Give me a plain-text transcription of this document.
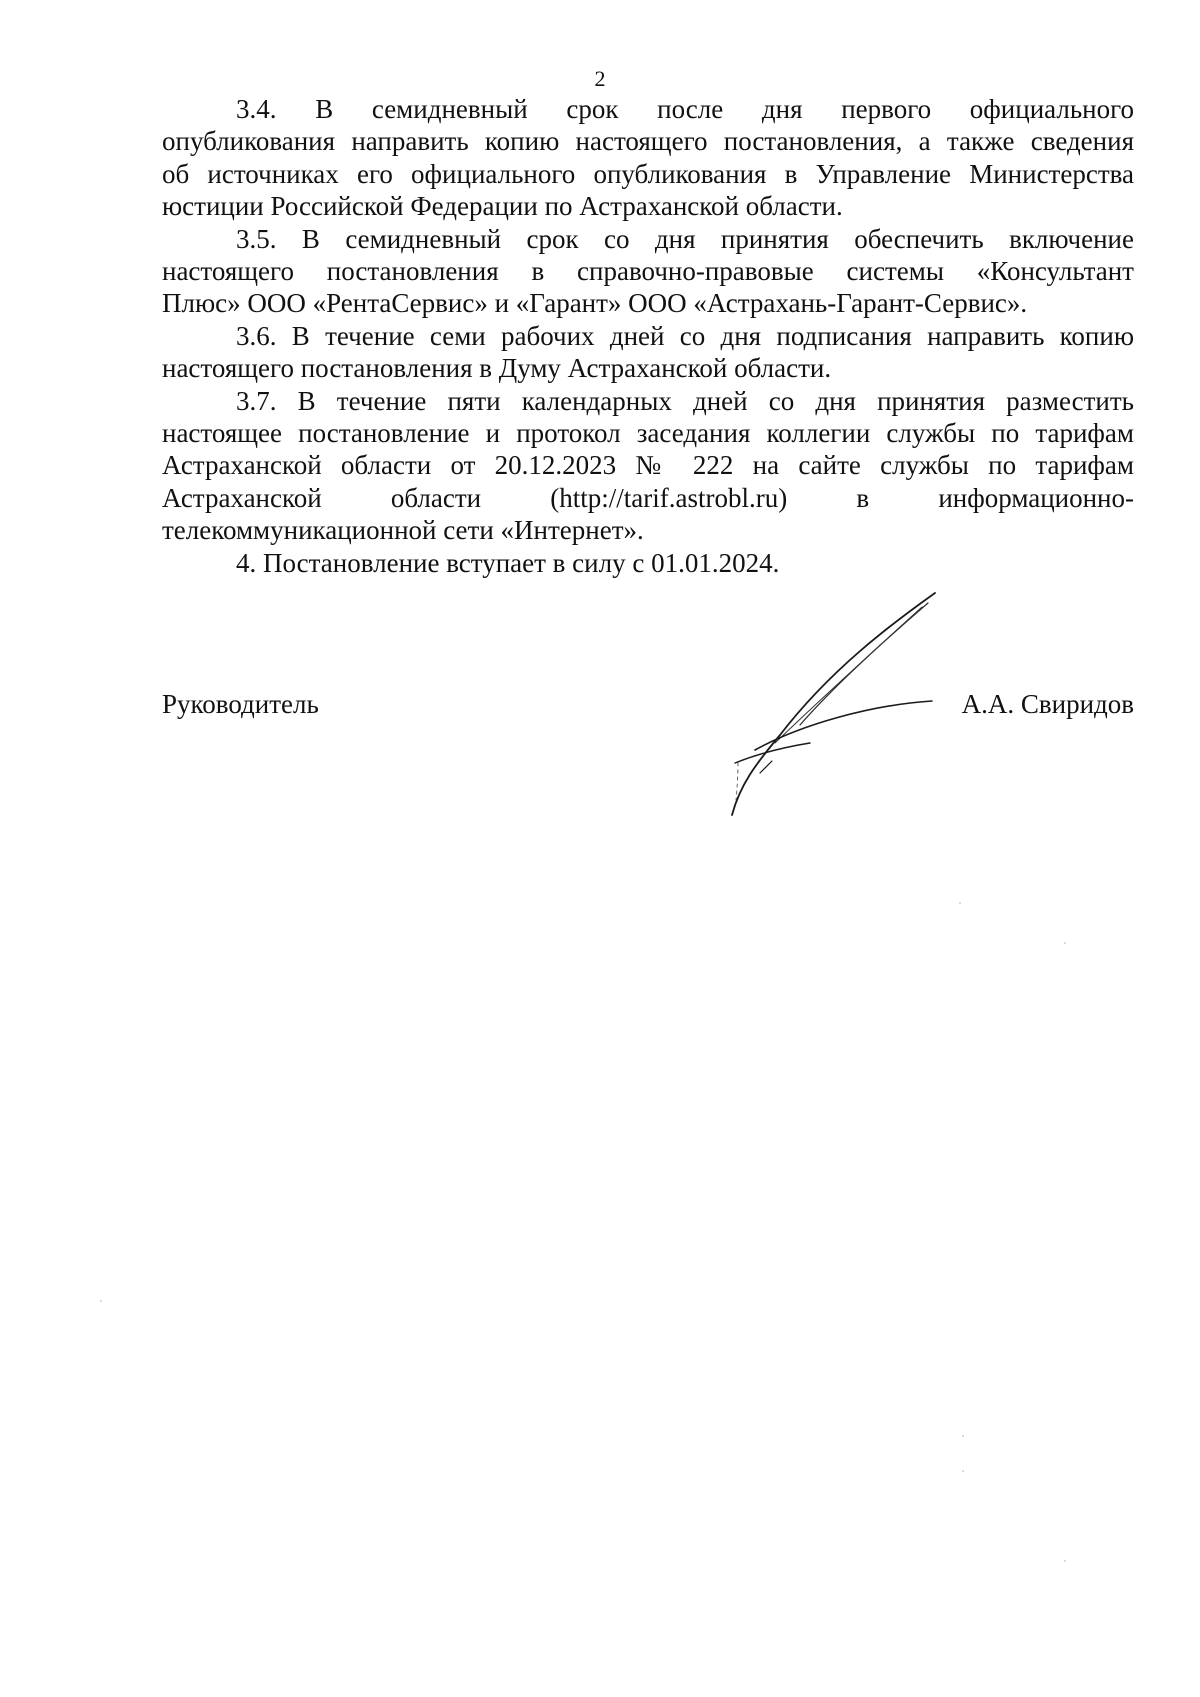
2
3.4. В семидневный срок после дня первого официального
опубликования направить копию настоящего постановления, а также сведения
об источниках его официального опубликования в Управление Министерства
юстиции Российской Федерации по Астраханской области.
3.5. В семидневный срок со дня принятия обеспечить включение
настоящего постановления в справочно-правовые системы «Консультант
Плюс» ООО «РентаСервис» и «Гарант» ООО «Астрахань-Гарант-Сервис».
3.6. В течение семи рабочих дней со дня подписания направить копию
настоящего постановления в Думу Астраханской области.
3.7. В течение пяти календарных дней со дня принятия разместить
настоящее постановление и протокол заседания коллегии службы по тарифам
Астраханской области от 20.12.2023 № 222 на сайте службы по тарифам
Астраханской области (http://tarif.astrobl.ru) в информационно-
телекоммуникационной сети «Интернет».
4. Постановление вступает в силу с 01.01.2024.
Руководитель	А.А. Свиридов
